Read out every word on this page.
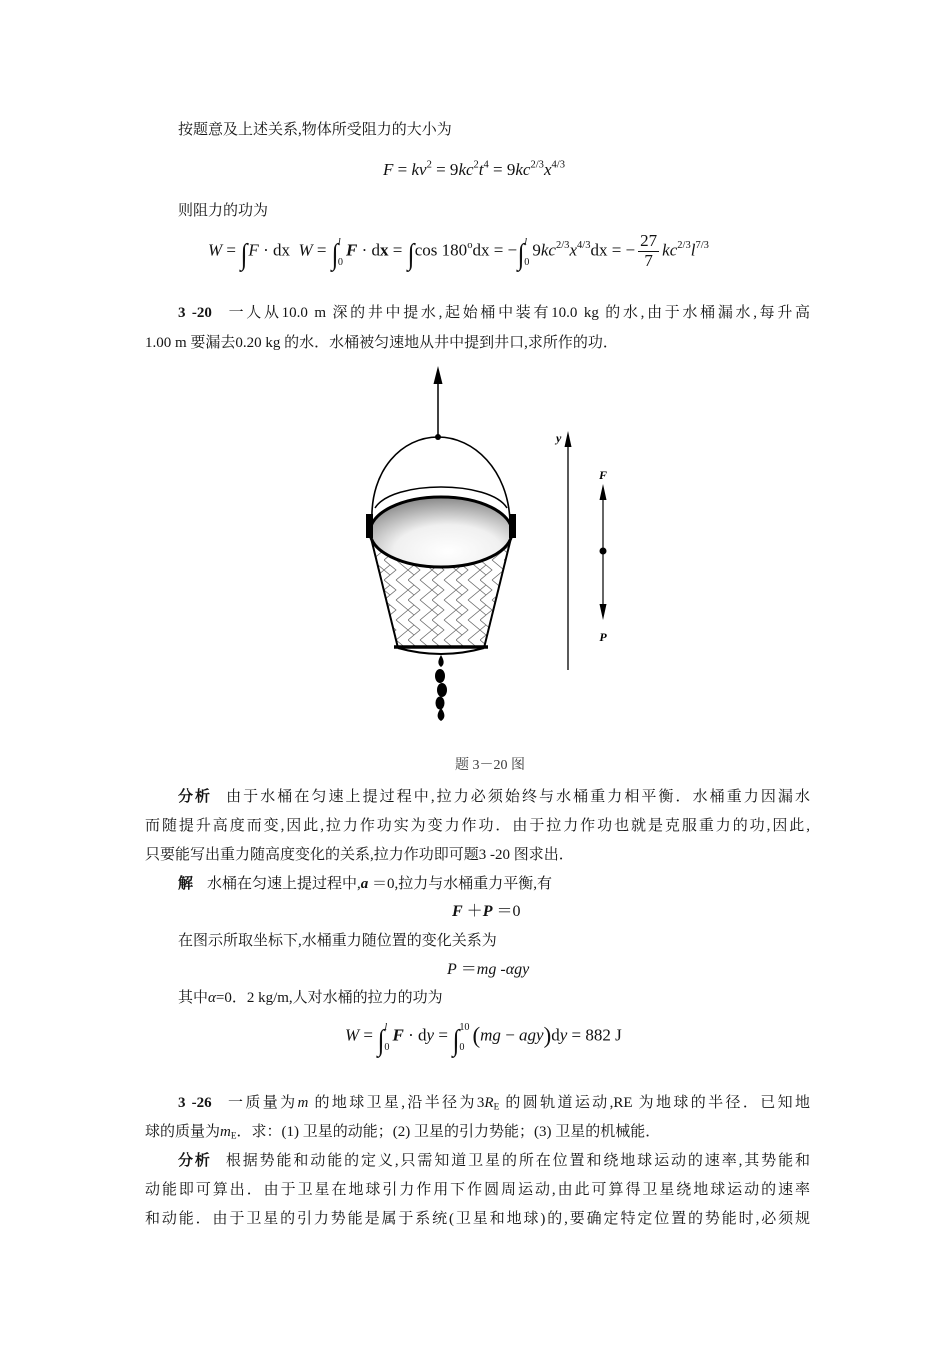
按题意及上述关系,物体所受阻力的大小为
$F = kv^2 = 9kc^2t^4 = 9kc^{2/3}x^{4/3}$
则阻力的功为
W = ∫F · dx  W = ∫ l
0
F · dx = ∫cos $180^odx$ = −∫ l
0
$9kc^{2/3}x^{4/3}dx$ = − $\frac{27}{7} kc^{2/3}l^{7/3}$
3 -20 一人从10.0 m 深的井中提水,起始桶中装有10.0 kg 的水,由于水桶漏水,每升高
1.00 m 要漏去0.20 kg 的水．水桶被匀速地从井中提到井口,求所作的功．
y
F
P
题 3－20 图
分析 由于水桶在匀速上提过程中,拉力必须始终与水桶重力相平衡．水桶重力因漏水
而随提升高度而变,因此,拉力作功实为变力作功．由于拉力作功也就是克服重力的功,因此,
只要能写出重力随高度变化的关系,拉力作功即可题3 -20 图求出．
解 水桶在匀速上提过程中,a ＝0,拉力与水桶重力平衡,有
F ＋P ＝0
在图示所取坐标下,水桶重力随位置的变化关系为
P ＝mg -αgy
其中α=0．2 kg/m,人对水桶的拉力的功为
W = ∫ l
0
F · dy = ∫ 10
0 (mg − agy)dy = 882 J
3 -26 一质量为m 的地球卫星,沿半径为$3R_E$ 的圆轨道运动,RE 为地球的半径．已知地
球的质量为$m_E$．求：(1) 卫星的动能；(2) 卫星的引力势能；(3) 卫星的机械能．
分析 根据势能和动能的定义,只需知道卫星的所在位置和绕地球运动的速率,其势能和
动能即可算出．由于卫星在地球引力作用下作圆周运动,由此可算得卫星绕地球运动的速率
和动能．由于卫星的引力势能是属于系统(卫星和地球)的,要确定特定位置的势能时,必须规
